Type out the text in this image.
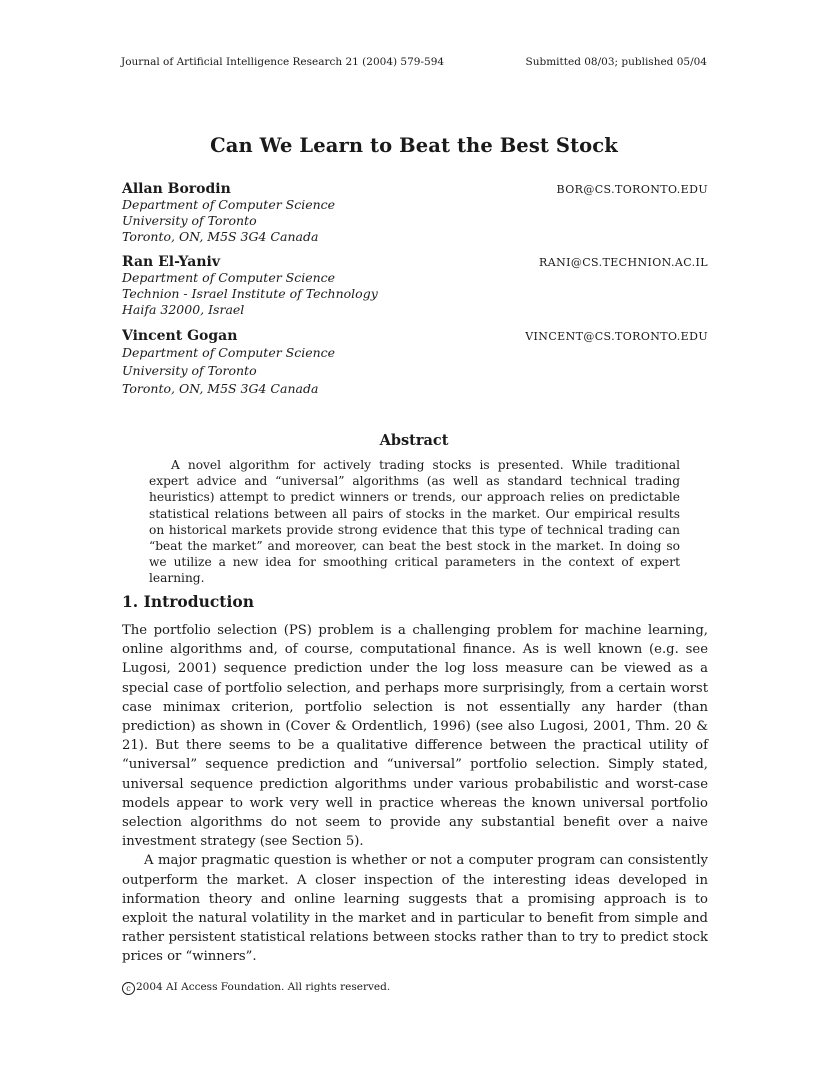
Journal of Artificial Intelligence Research 21 (2004) 579-594	Submitted 08/03; published 05/04
Can We Learn to Beat the Best Stock
Allan Borodin	BOR@CS.TORONTO.EDU
Department of Computer Science
University of Toronto
Toronto, ON, M5S 3G4 Canada
Ran El-Yaniv	RANI@CS.TECHNION.AC.IL
Department of Computer Science
Technion - Israel Institute of Technology
Haifa 32000, Israel
Vincent Gogan	VINCENT@CS.TORONTO.EDU
Department of Computer Science
University of Toronto
Toronto, ON, M5S 3G4 Canada
Abstract

A novel algorithm for actively trading stocks is presented. While traditional expert advice and “universal” algorithms (as well as standard technical trading heuristics) attempt to predict winners or trends, our approach relies on predictable statistical relations between all pairs of stocks in the market. Our empirical results on historical markets provide strong evidence that this type of technical trading can “beat the market” and moreover, can beat the best stock in the market. In doing so we utilize a new idea for smoothing critical parameters in the context of expert learning.

1. Introduction

The portfolio selection (PS) problem is a challenging problem for machine learning, online algorithms and, of course, computational finance. As is well known (e.g. see Lugosi, 2001) sequence prediction under the log loss measure can be viewed as a special case of portfolio selection, and perhaps more surprisingly, from a certain worst case minimax criterion, portfolio selection is not essentially any harder (than prediction) as shown in (Cover & Ordentlich, 1996) (see also Lugosi, 2001, Thm. 20 & 21). But there seems to be a qualitative difference between the practical utility of “universal” sequence prediction and “universal” portfolio selection. Simply stated, universal sequence prediction algorithms under various probabilistic and worst-case models appear to work very well in practice whereas the known universal portfolio selection algorithms do not seem to provide any substantial benefit over a naive investment strategy (see Section 5).

A major pragmatic question is whether or not a computer program can consistently outperform the market. A closer inspection of the interesting ideas developed in information theory and online learning suggests that a promising approach is to exploit the natural volatility in the market and in particular to benefit from simple and rather persistent statistical relations between stocks rather than to try to predict stock prices or “winners”.

c 2004 AI Access Foundation. All rights reserved.
